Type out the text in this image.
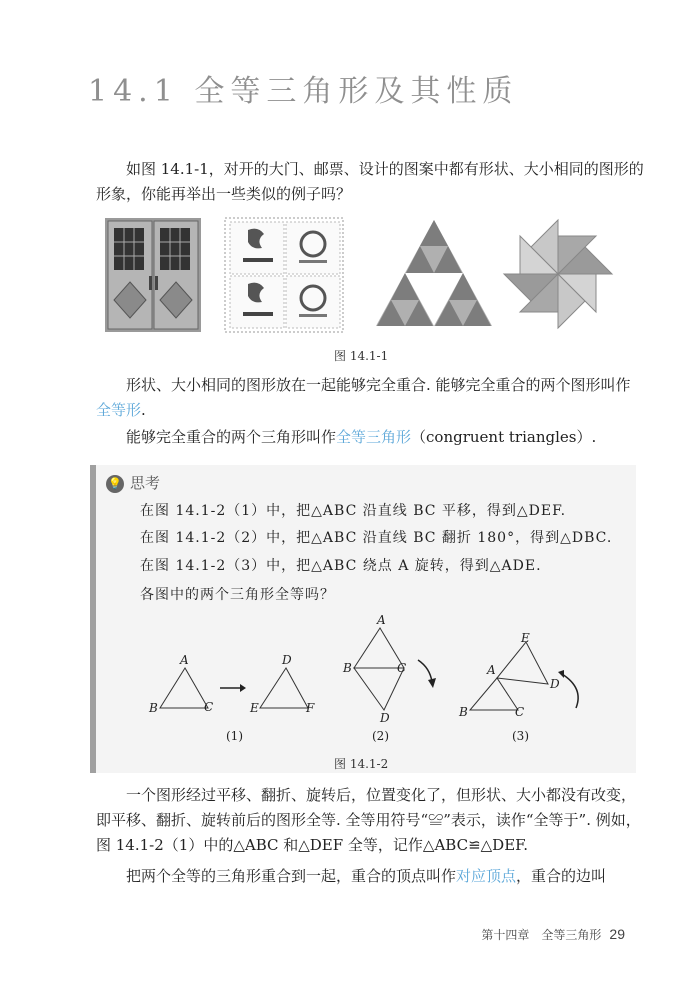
14.1 全等三角形及其性质
如图 14.1-1，对开的大门、邮票、设计的图案中都有形状、大小相同的图形的形象，你能再举出一些类似的例子吗？
图 14.1-1
形状、大小相同的图形放在一起能够完全重合. 能够完全重合的两个图形叫作全等形.
能够完全重合的两个三角形叫作全等三角形（congruent triangles）.
💡 思考
在图 14.1-2（1）中，把△ABC 沿直线 BC 平移，得到△DEF.
在图 14.1-2（2）中，把△ABC 沿直线 BC 翻折 180°，得到△DBC.
在图 14.1-2（3）中，把△ABC 绕点 A 旋转，得到△ADE.
各图中的两个三角形全等吗？
A
B	C
D
E	F
A
B	C
D
E
A
D
B	C
(1)	(2)	(3)
图 14.1-2
一个图形经过平移、翻折、旋转后，位置变化了，但形状、大小都没有改变，即平移、翻折、旋转前后的图形全等. 全等用符号“≌”表示，读作“全等于”. 例如，图 14.1-2（1）中的△ABC 和△DEF 全等，记作△ABC≌△DEF.
把两个全等的三角形重合到一起，重合的顶点叫作对应顶点，重合的边叫
第十四章　全等三角形 29
